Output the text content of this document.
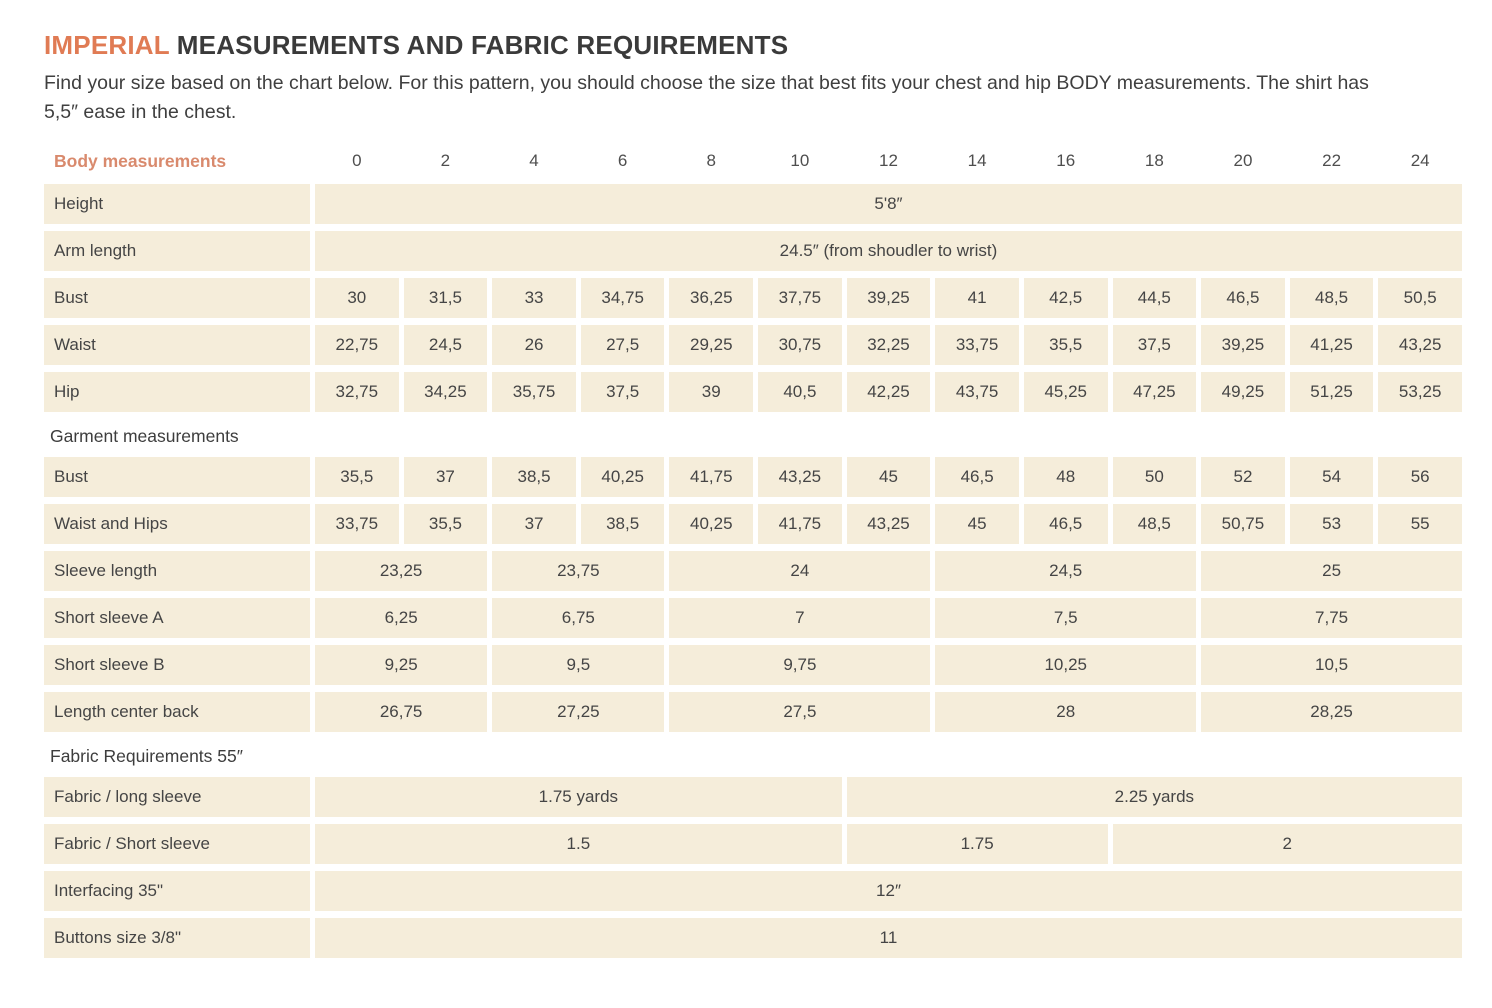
IMPERIAL MEASUREMENTS AND FABRIC REQUIREMENTS

Find your size based on the chart below. For this pattern, you should choose the size that best fits your chest and hip BODY measurements. The shirt has 5,5″ ease in the chest.

Body measurements	0	2	4	6	8	10	12	14	16	18	20	22	24
Height	5'8″
Arm length	24.5″ (from shoudler to wrist)
Bust	30	31,5	33	34,75	36,25	37,75	39,25	41	42,5	44,5	46,5	48,5	50,5
Waist	22,75	24,5	26	27,5	29,25	30,75	32,25	33,75	35,5	37,5	39,25	41,25	43,25
Hip	32,75	34,25	35,75	37,5	39	40,5	42,25	43,75	45,25	47,25	49,25	51,25	53,25
Garment measurements
Bust	35,5	37	38,5	40,25	41,75	43,25	45	46,5	48	50	52	54	56
Waist and Hips	33,75	35,5	37	38,5	40,25	41,75	43,25	45	46,5	48,5	50,75	53	55
Sleeve length	23,25	23,75	24	24,5	25
Short sleeve A	6,25	6,75	7	7,5	7,75
Short sleeve B	9,25	9,5	9,75	10,25	10,5
Length center back	26,75	27,25	27,5	28	28,25
Fabric Requirements 55″
Fabric / long sleeve	1.75 yards	2.25 yards
Fabric / Short sleeve	1.5	1.75	2
Interfacing 35"	12″
Buttons size 3/8"	11
